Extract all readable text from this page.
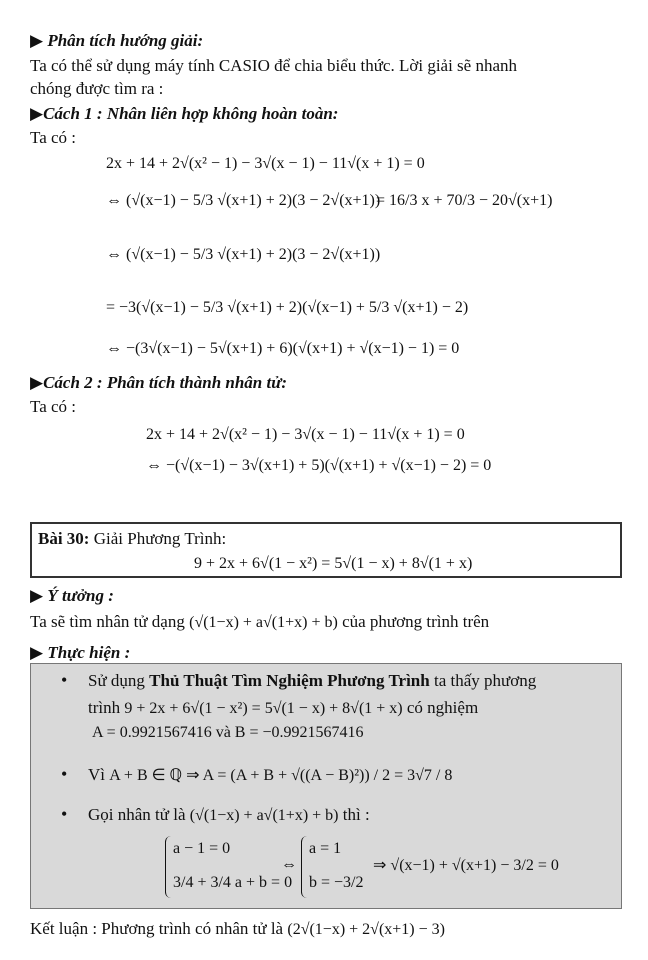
▶ Phân tích hướng giải:
Ta có thể sử dụng máy tính CASIO để chia biểu thức. Lời giải sẽ nhanh
chóng được tìm ra :
▶Cách 1 : Nhân liên hợp không hoàn toàn:
Ta có :
2x + 14 + 2√(x² − 1) − 3√(x − 1) − 11√(x + 1) = 0
⇔ (√(x−1) − 5/3 √(x+1) + 2)(3 − 2√(x+1))
= 16/3 x + 70/3 − 20√(x+1)
⇔ (√(x−1) − 5/3 √(x+1) + 2)(3 − 2√(x+1))
= −3(√(x−1) − 5/3 √(x+1) + 2)(√(x−1) + 5/3 √(x+1) − 2)
⇔ −(3√(x−1) − 5√(x+1) + 6)(√(x+1) + √(x−1) − 1) = 0
▶Cách 2 : Phân tích thành nhân tử:
Ta có :
2x + 14 + 2√(x² − 1) − 3√(x − 1) − 11√(x + 1) = 0
⇔ −(√(x−1) − 3√(x+1) + 5)(√(x+1) + √(x−1) − 2) = 0
Bài 30: Giải Phương Trình:
9 + 2x + 6√(1 − x²) = 5√(1 − x) + 8√(1 + x)
▶ Ý tưởng :
Ta sẽ tìm nhân tử dạng (√(1−x) + a√(1+x) + b) của phương trình trên
▶ Thực hiện :
• Sử dụng Thủ Thuật Tìm Nghiệm Phương Trình ta thấy phương
trình 9 + 2x + 6√(1 − x²) = 5√(1 − x) + 8√(1 + x) có nghiệm
A = 0.9921567416 và B = −0.9921567416
• Vì A + B ∈ ℚ ⇒ A = (A + B + √((A − B)²)) / 2 = 3√7 / 8
• Gọi nhân tử là (√(1−x) + a√(1+x) + b) thì :
a − 1 = 0
3/4 + 3/4 a + b = 0
⇔
a = 1
b = −3/2
⇒ √(x−1) + √(x+1) − 3/2 = 0
Kết luận : Phương trình có nhân tử là (2√(1−x) + 2√(x+1) − 3)
